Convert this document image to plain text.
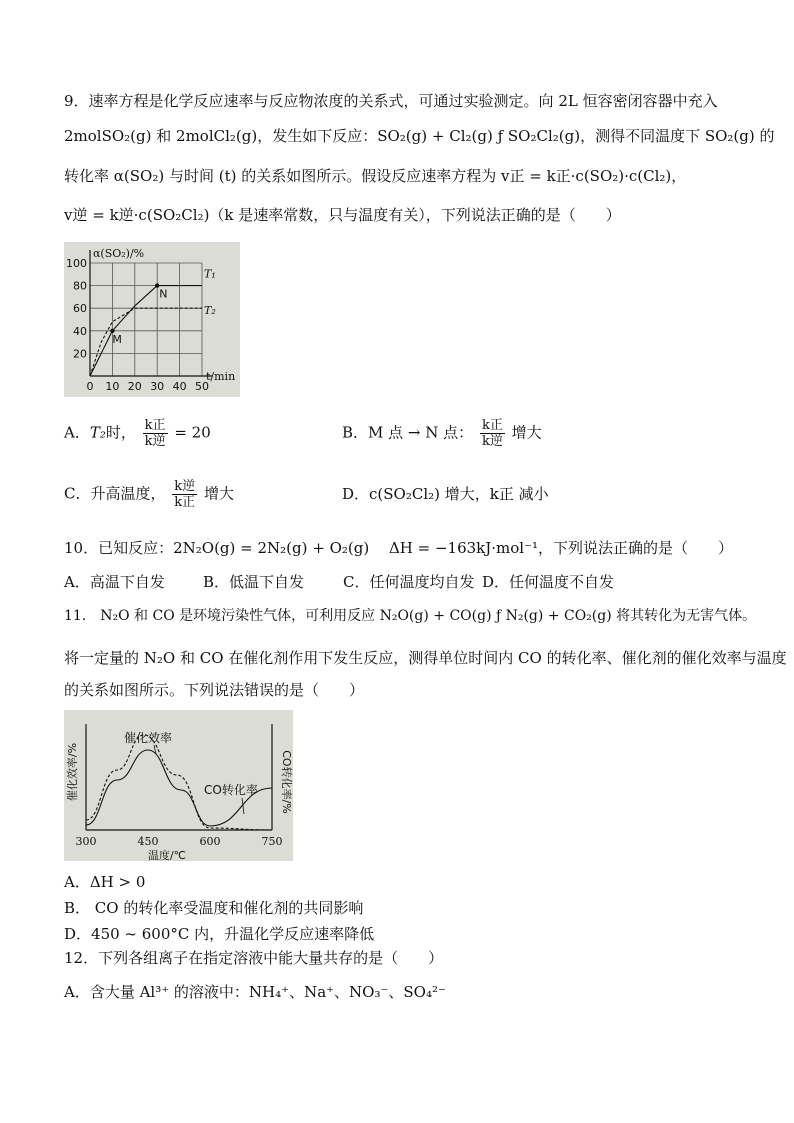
9．速率方程是化学反应速率与反应物浓度的关系式，可通过实验测定。向 2L 恒容密闭容器中充入
2molSO₂(g) 和 2molCl₂(g)，发生如下反应：SO₂(g) + Cl₂(g) ƒ SO₂Cl₂(g)，测得不同温度下 SO₂(g) 的
转化率 α(SO₂) 与时间 (t) 的关系如图所示。假设反应速率方程为 v正 = k正·c(SO₂)·c(Cl₂)，
v逆 = k逆·c(SO₂Cl₂)（k 是速率常数，只与温度有关），下列说法正确的是（　　）
α(SO₂)/%
t/min
20
40
60
80
100
0 10 20 30 40 50
T₁
T₂
M
N
A．T₂时， $\frac{\text{k正}}{\text{k逆}} = 20$	B．M 点 → N 点： $\frac{\text{k正}}{\text{k逆}}$ 增大
C．升高温度， $\frac{\text{k逆}}{\text{k正}}$ 增大	D．c(SO₂Cl₂) 增大，k正 减小
10．已知反应：2N₂O(g) = 2N₂(g) + O₂(g)　 ΔH = −163kJ·mol⁻¹，下列说法正确的是（　　）
A．高温下自发	B．低温下自发	C．任何温度均自发 D．任何温度不自发
11． N₂O 和 CO 是环境污染性气体，可利用反应 N₂O(g) + CO(g) ƒ N₂(g) + CO₂(g) 将其转化为无害气体。
将一定量的 N₂O 和 CO 在催化剂作用下发生反应，测得单位时间内 CO 的转化率、催化剂的催化效率与温度
的关系如图所示。下列说法错误的是（　　）
催化效率/%	CO转化率/%
300	450	600	750
温度/℃
催化效率
CO转化率
A．ΔH > 0
B． CO 的转化率受温度和催化剂的共同影响
D．450 ~ 600°C 内，升温化学反应速率降低
12．下列各组离子在指定溶液中能大量共存的是（　　）
A．含大量 Al³⁺ 的溶液中：NH₄⁺、Na⁺、NO₃⁻、SO₄²⁻
